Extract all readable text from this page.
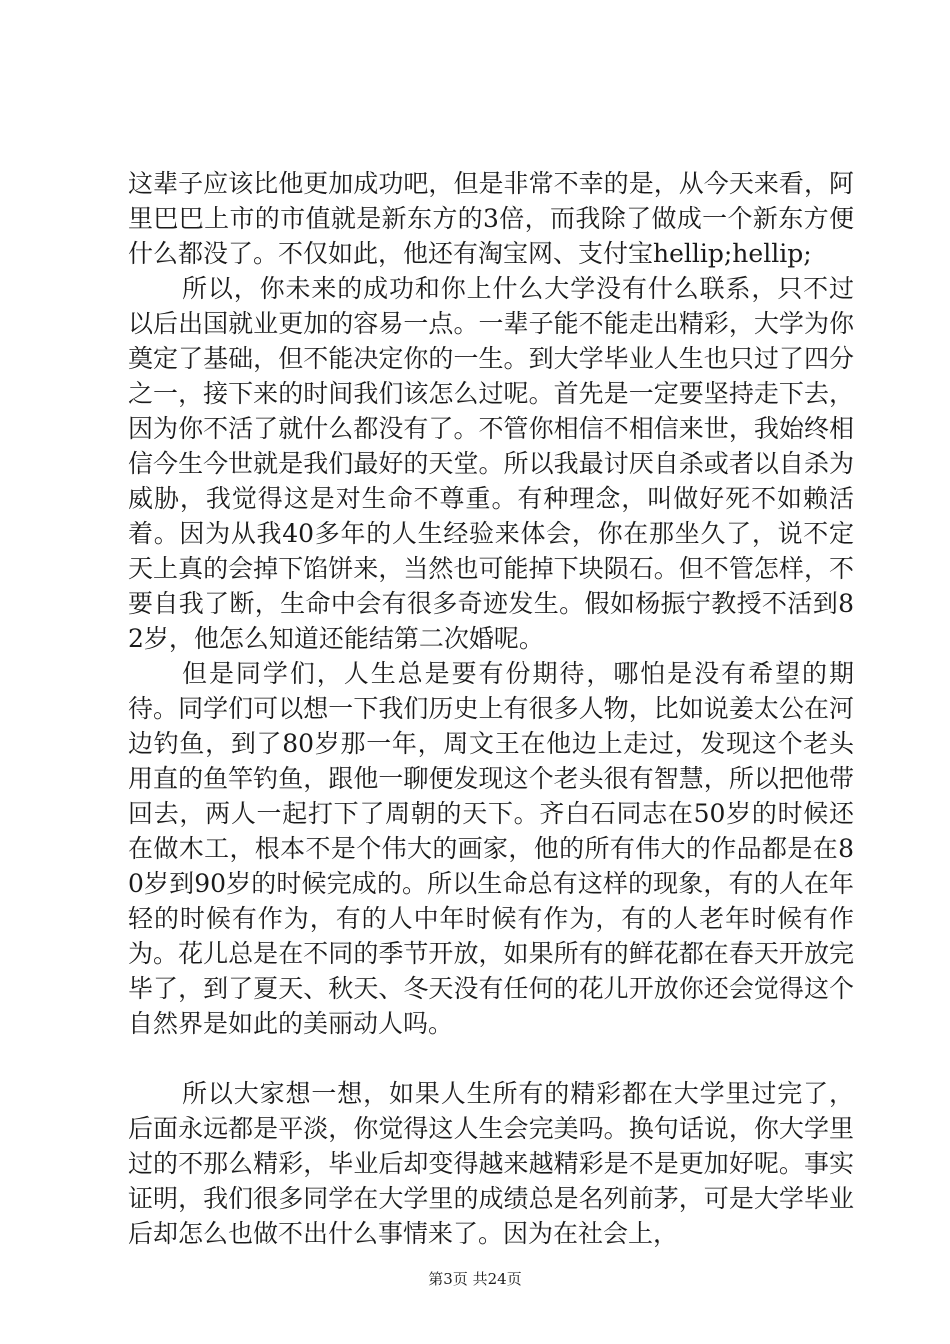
这辈子应该比他更加成功吧，但是非常不幸的是，从今天来看，阿里巴巴上市的市值就是新东方的3倍，而我除了做成一个新东方便什么都没了。不仅如此，他还有淘宝网、支付宝hellip;hellip;

所以，你未来的成功和你上什么大学没有什么联系，只不过以后出国就业更加的容易一点。一辈子能不能走出精彩，大学为你奠定了基础，但不能决定你的一生。到大学毕业人生也只过了四分之一，接下来的时间我们该怎么过呢。首先是一定要坚持走下去，因为你不活了就什么都没有了。不管你相信不相信来世，我始终相信今生今世就是我们最好的天堂。所以我最讨厌自杀或者以自杀为威胁，我觉得这是对生命不尊重。有种理念，叫做好死不如赖活着。因为从我40多年的人生经验来体会，你在那坐久了，说不定天上真的会掉下馅饼来，当然也可能掉下块陨石。但不管怎样，不要自我了断，生命中会有很多奇迹发生。假如杨振宁教授不活到82岁，他怎么知道还能结第二次婚呢。

但是同学们，人生总是要有份期待，哪怕是没有希望的期待。同学们可以想一下我们历史上有很多人物，比如说姜太公在河边钓鱼，到了80岁那一年，周文王在他边上走过，发现这个老头用直的鱼竿钓鱼，跟他一聊便发现这个老头很有智慧，所以把他带回去，两人一起打下了周朝的天下。齐白石同志在50岁的时候还在做木工，根本不是个伟大的画家，他的所有伟大的作品都是在80岁到90岁的时候完成的。所以生命总有这样的现象，有的人在年轻的时候有作为，有的人中年时候有作为，有的人老年时候有作为。花儿总是在不同的季节开放，如果所有的鲜花都在春天开放完毕了，到了夏天、秋天、冬天没有任何的花儿开放你还会觉得这个自然界是如此的美丽动人吗。

所以大家想一想，如果人生所有的精彩都在大学里过完了，后面永远都是平淡，你觉得这人生会完美吗。换句话说，你大学里过的不那么精彩，毕业后却变得越来越精彩是不是更加好呢。事实证明，我们很多同学在大学里的成绩总是名列前茅，可是大学毕业后却怎么也做不出什么事情来了。因为在社会上，

第3页 共24页
